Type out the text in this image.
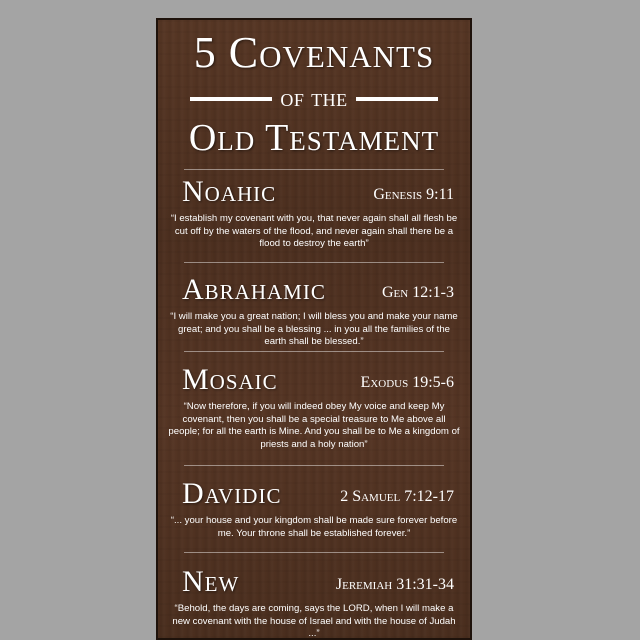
5 Covenants
of the
Old Testament
Noahic	Genesis 9:11
“I establish my covenant with you, that never again shall all flesh be cut off by the waters of the flood, and never again shall there be a flood to destroy the earth”
Abrahamic	Gen 12:1-3
“I will make you a great nation; I will bless you and make your name great; and you shall be a blessing ... in you all the families of the earth shall be blessed.”
Mosaic	Exodus 19:5-6
“Now therefore, if you will indeed obey My voice and keep My covenant, then you shall be a special treasure to Me above all people; for all the earth is Mine. And you shall be to Me a kingdom of priests and a holy nation”
Davidic	2 Samuel 7:12-17
“... your house and your kingdom shall be made sure forever before me. Your throne shall be established forever.”
New	Jeremiah 31:31-34
“Behold, the days are coming, says the LORD, when I will make a new covenant with the house of Israel and with the house of Judah ...”
